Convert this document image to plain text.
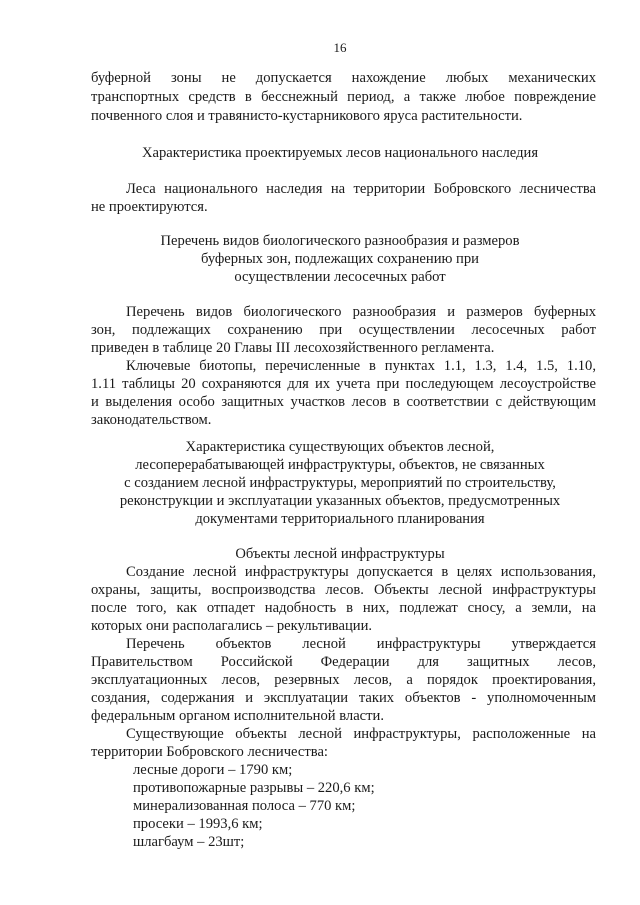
16
буферной зоны не допускается нахождение любых механических
транспортных средств в бесснежный период, а также любое повреждение
почвенного слоя и травянисто-кустарникового яруса растительности.
Характеристика проектируемых лесов национального наследия
Леса национального наследия на территории Бобровского лесничества
не проектируются.
Перечень видов биологического разнообразия и размеров
буферных зон, подлежащих сохранению при
осуществлении лесосечных работ
Перечень видов биологического разнообразия и размеров буферных
зон, подлежащих сохранению при осуществлении лесосечных работ
приведен в таблице 20 Главы III лесохозяйственного регламента.
Ключевые биотопы, перечисленные в пунктах 1.1, 1.3, 1.4, 1.5, 1.10,
1.11 таблицы 20 сохраняются для их учета при последующем лесоустройстве
и выделения особо защитных участков лесов в соответствии с действующим
законодательством.
Характеристика существующих объектов лесной,
лесоперерабатывающей инфраструктуры, объектов, не связанных
с созданием лесной инфраструктуры, мероприятий по строительству,
реконструкции и эксплуатации указанных объектов, предусмотренных
документами территориального планирования
Объекты лесной инфраструктуры
Создание лесной инфраструктуры допускается в целях использования,
охраны, защиты, воспроизводства лесов. Объекты лесной инфраструктуры
после того, как отпадет надобность в них, подлежат сносу, а земли, на
которых они располагались – рекультивации.
Перечень объектов лесной инфраструктуры утверждается
Правительством Российской Федерации для защитных лесов,
эксплуатационных лесов, резервных лесов, а порядок проектирования,
создания, содержания и эксплуатации таких объектов - уполномоченным
федеральным органом исполнительной власти.
Существующие объекты лесной инфраструктуры, расположенные на
территории Бобровского лесничества:
лесные дороги – 1790 км;
противопожарные разрывы – 220,6 км;
минерализованная полоса – 770 км;
просеки – 1993,6 км;
шлагбаум – 23шт;
